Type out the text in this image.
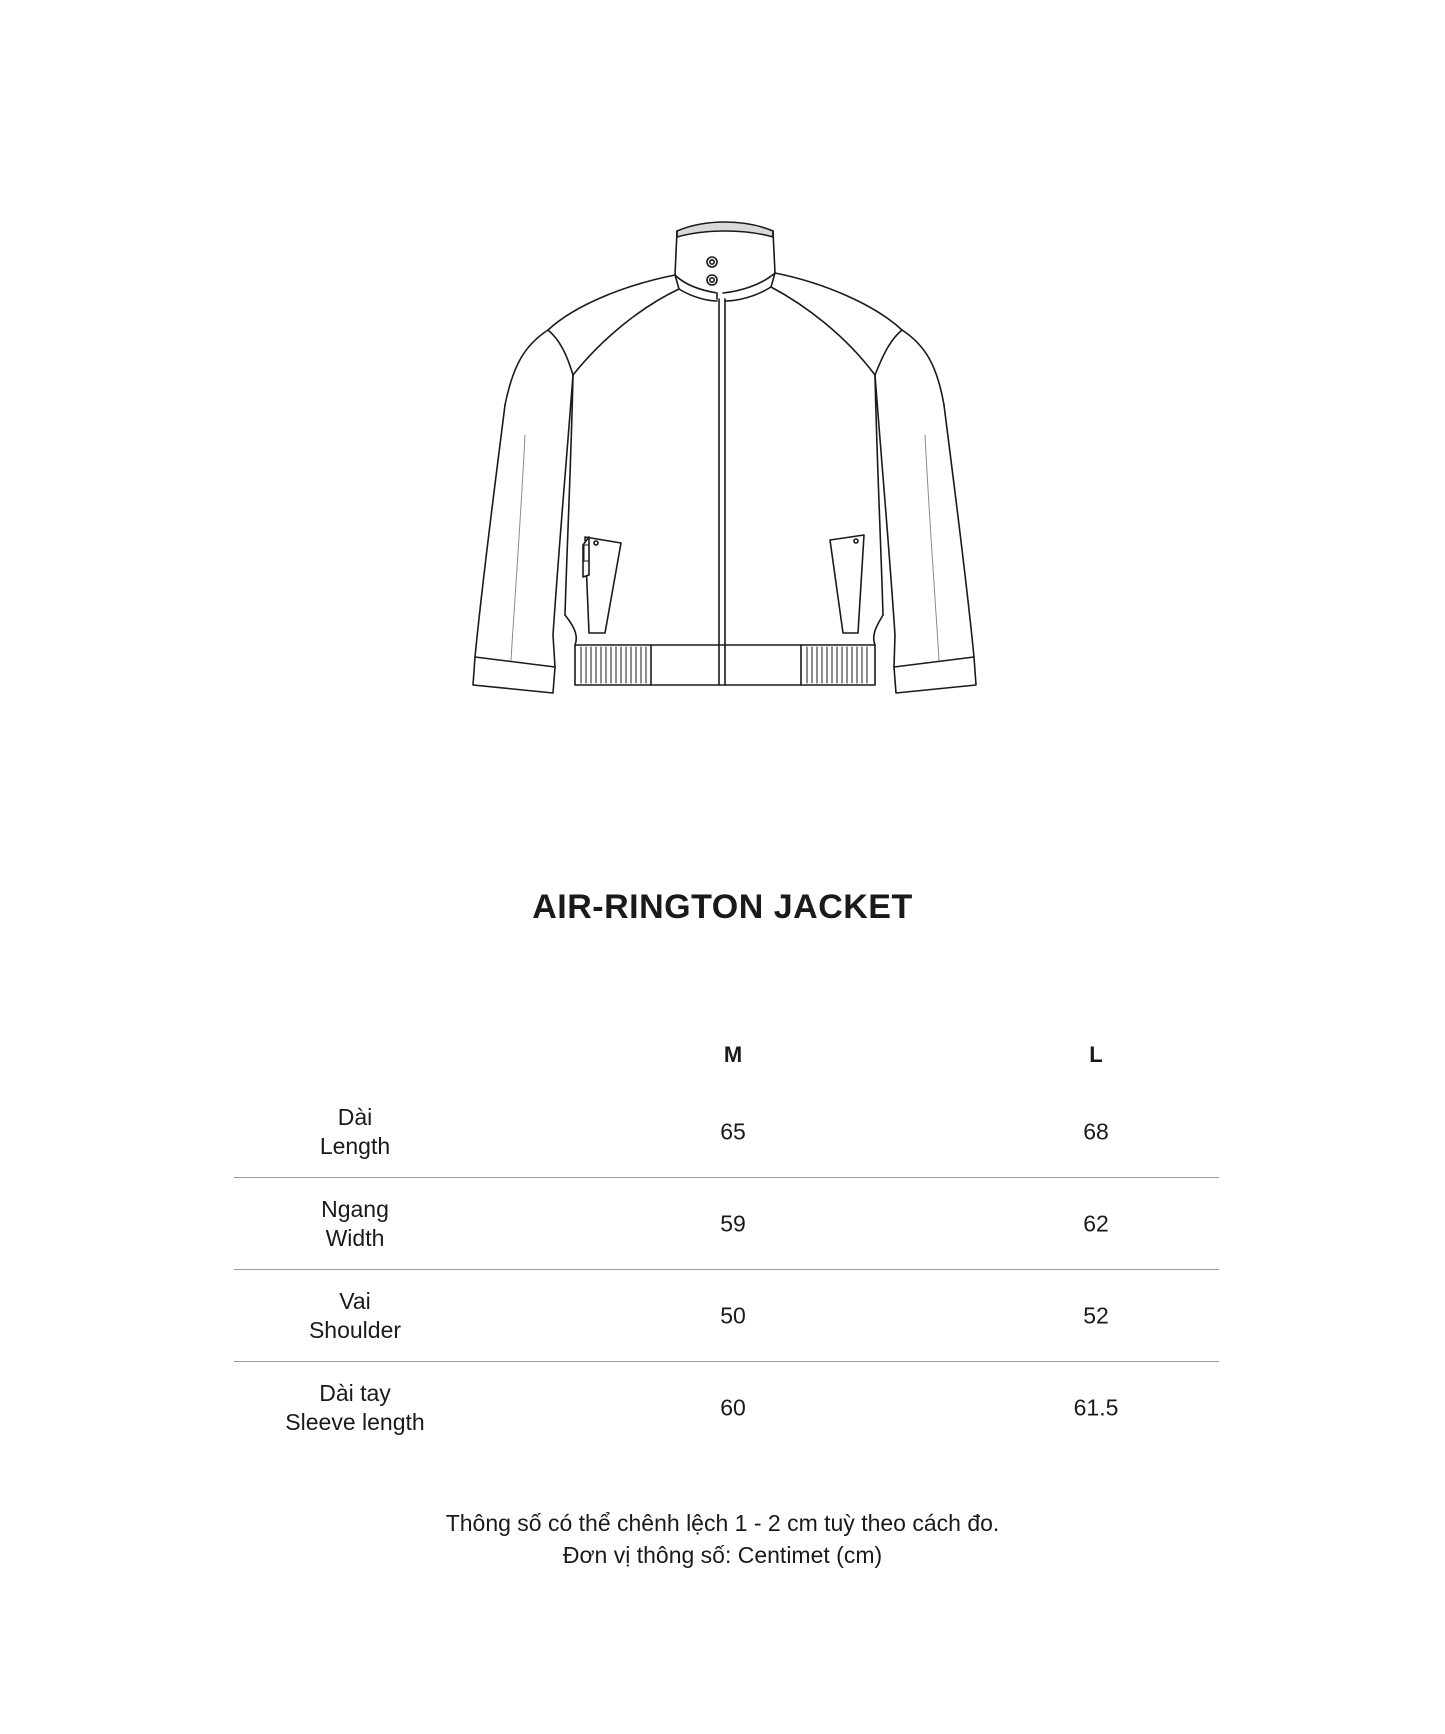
AIR-RINGTON JACKET
M	L
Dài
Length
65	68
Ngang
Width
59	62
Vai
Shoulder
50	52
Dài tay
Sleeve length
60	61.5
Thông số có thể chênh lệch 1 - 2 cm tuỳ theo cách đo.
Đơn vị thông số: Centimet (cm)
